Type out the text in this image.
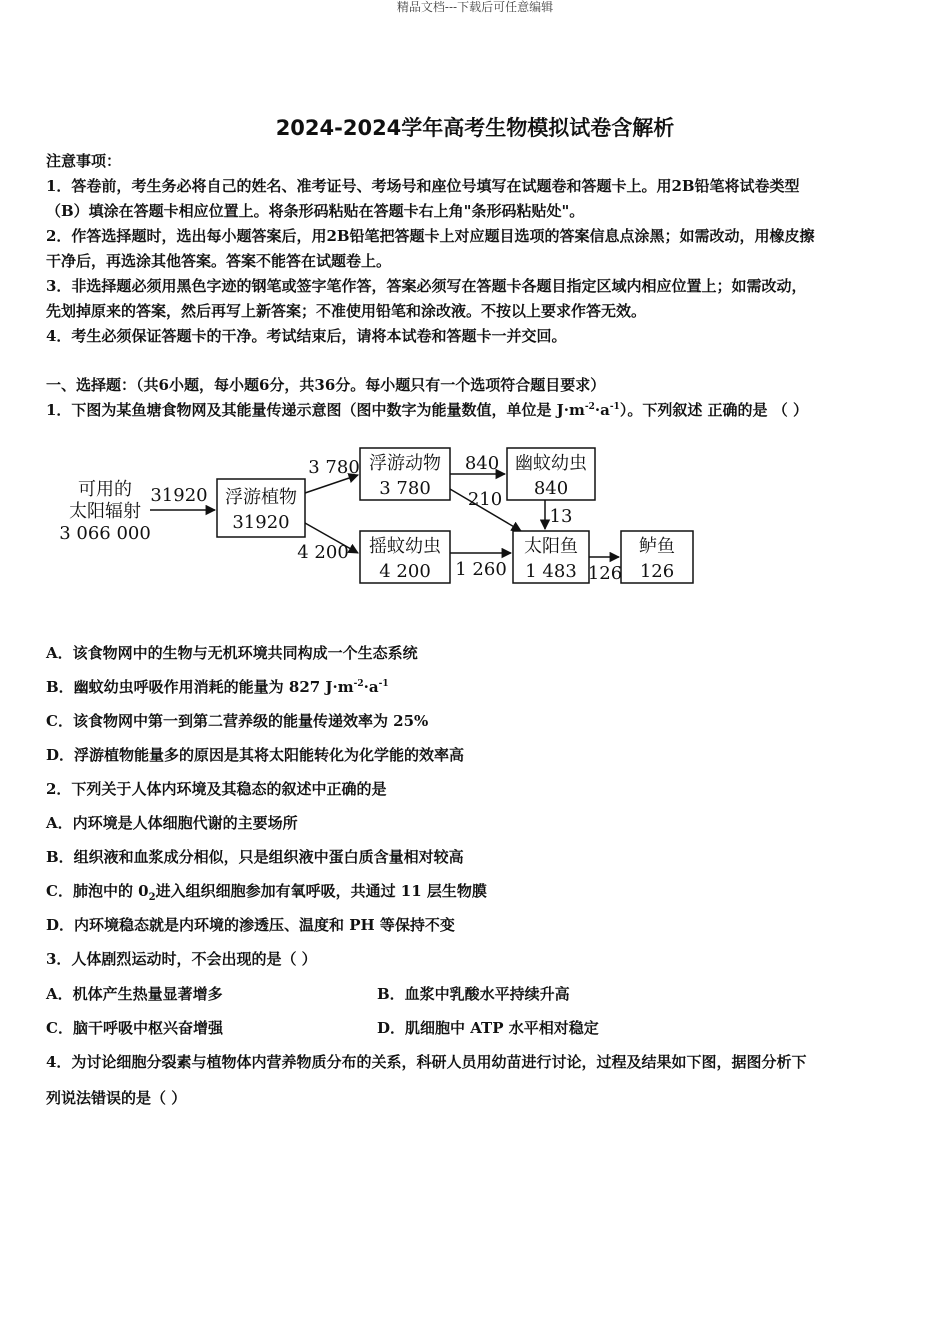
精品文档---下载后可任意编辑
2024-2024学年高考生物模拟试卷含解析
注意事项：
1．答卷前，考生务必将自己的姓名、准考证号、考场号和座位号填写在试题卷和答题卡上。用2B铅笔将试卷类型
（B）填涂在答题卡相应位置上。将条形码粘贴在答题卡右上角"条形码粘贴处"。
2．作答选择题时，选出每小题答案后，用2B铅笔把答题卡上对应题目选项的答案信息点涂黑；如需改动，用橡皮擦
干净后，再选涂其他答案。答案不能答在试题卷上。
3．非选择题必须用黑色字迹的钢笔或签字笔作答，答案必须写在答题卡各题目指定区域内相应位置上；如需改动，
先划掉原来的答案，然后再写上新答案；不准使用铅笔和涂改液。不按以上要求作答无效。
4．考生必须保证答题卡的干净。考试结束后，请将本试卷和答题卡一并交回。
一、选择题：（共6小题，每小题6分，共36分。每小题只有一个选项符合题目要求）
1．下图为某鱼塘食物网及其能量传递示意图（图中数字为能量数值，单位是 $J\cdot m^{-2}\cdot a^{-1}$）。下列叙述 正确的是 （ ）
可用的
太阳辐射
3 066 000
浮游植物
31920
浮游动物
3 780
摇蚊幼虫
4 200
幽蚊幼虫
840
太阳鱼
1 483
鲈鱼
126
31920
3 780
4 200
840
210
13
1 260	126
A．该食物网中的生物与无机环境共同构成一个生态系统
B．幽蚊幼虫呼吸作用消耗的能量为 827 $J\cdot m^{-2}\cdot a^{-1}$
C．该食物网中第一到第二营养级的能量传递效率为 25%
D．浮游植物能量多的原因是其将太阳能转化为化学能的效率高
2．下列关于人体内环境及其稳态的叙述中正确的是
A．内环境是人体细胞代谢的主要场所
B．组织液和血浆成分相似，只是组织液中蛋白质含量相对较高
C．肺泡中的 $0_2$进入组织细胞参加有氧呼吸，共通过 11 层生物膜
D．内环境稳态就是内环境的渗透压、温度和 PH 等保持不变
3．人体剧烈运动时，不会出现的是（ ）
A．机体产生热量显著增多	B．血浆中乳酸水平持续升高
C．脑干呼吸中枢兴奋增强	D．肌细胞中 ATP 水平相对稳定
4．为讨论细胞分裂素与植物体内营养物质分布的关系，科研人员用幼苗进行讨论，过程及结果如下图，据图分析下
列说法错误的是（ ）
